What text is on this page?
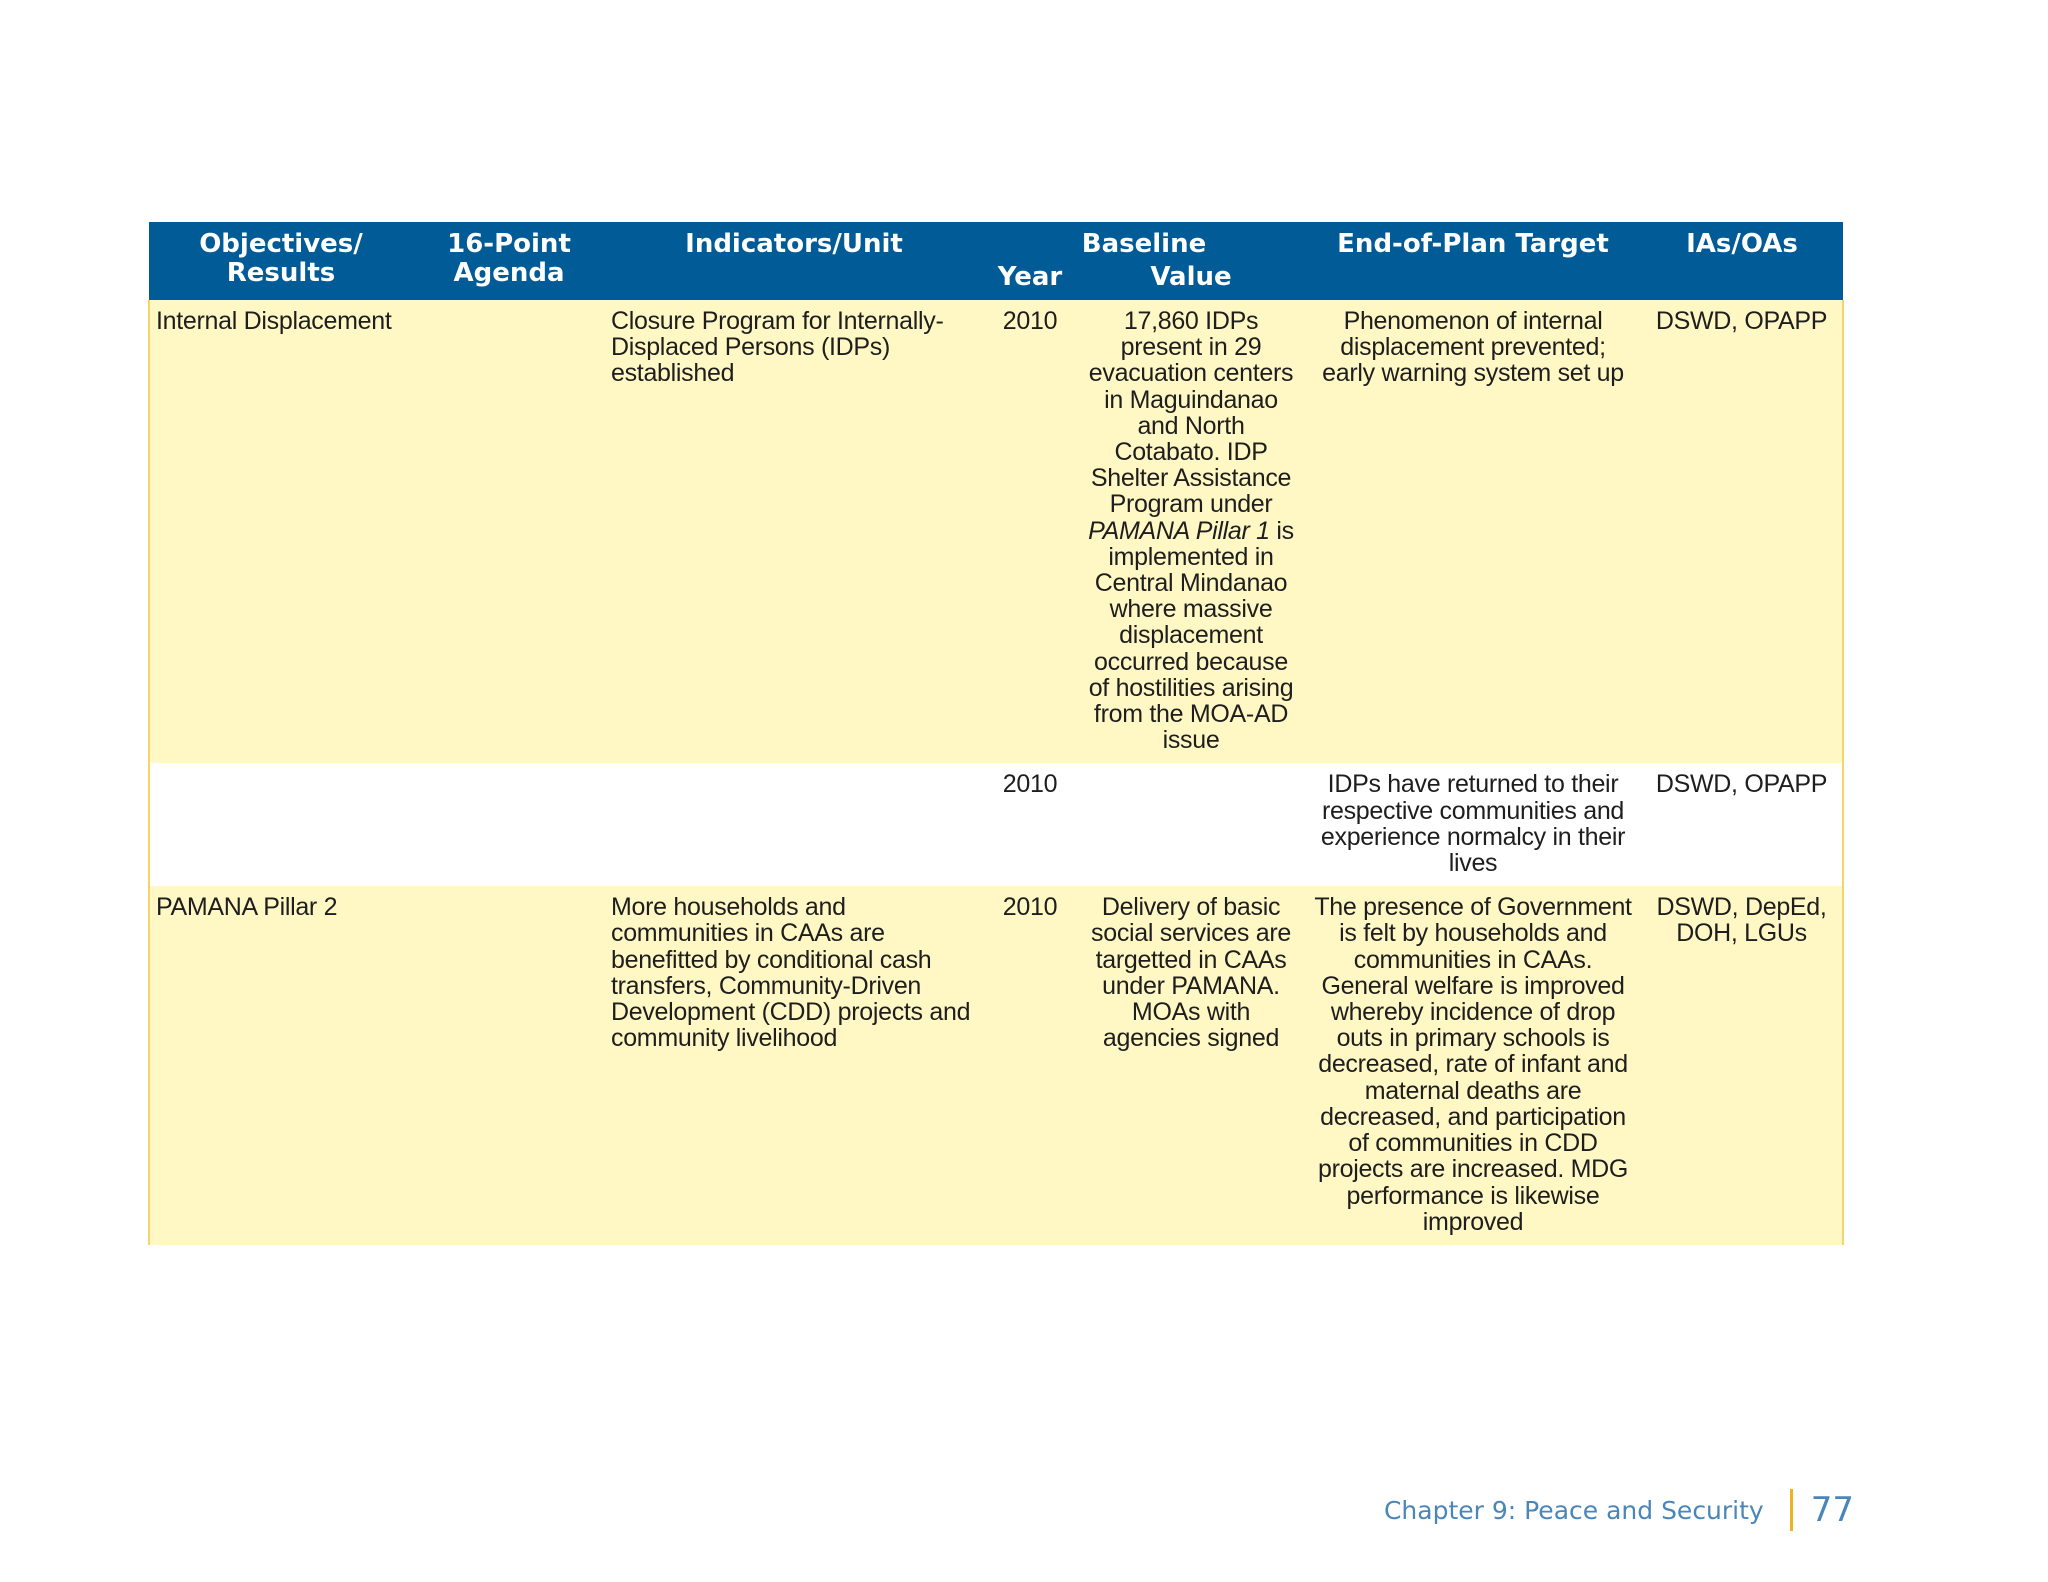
Objectives/ Results	16-Point Agenda	Indicators/Unit	Baseline		End-of-Plan Target	IAs/OAs
			Year	Value		
Internal Displacement		Closure Program for Internally-Displaced Persons (IDPs) established	2010	17,860 IDPs present in 29 evacuation centers in Maguindanao and North Cotabato. IDP Shelter Assistance Program under PAMANA Pillar 1 is implemented in Central Mindanao where massive displacement occurred because of hostilities arising from the MOA-AD issue	Phenomenon of internal displacement prevented; early warning system set up	DSWD, OPAPP
			2010		IDPs have returned to their respective communities and experience normalcy in their lives	DSWD, OPAPP
PAMANA Pillar 2		More households and communities in CAAs are benefitted by conditional cash transfers, Community-Driven Development (CDD) projects and community livelihood	2010	Delivery of basic social services are targetted in CAAs under PAMANA. MOAs with agencies signed	The presence of Government is felt by households and communities in CAAs. General welfare is improved whereby incidence of drop outs in primary schools is decreased, rate of infant and maternal deaths are decreased, and participation of communities in CDD projects are increased. MDG performance is likewise improved	DSWD, DepEd, DOH, LGUs
Chapter 9: Peace and Security	77
